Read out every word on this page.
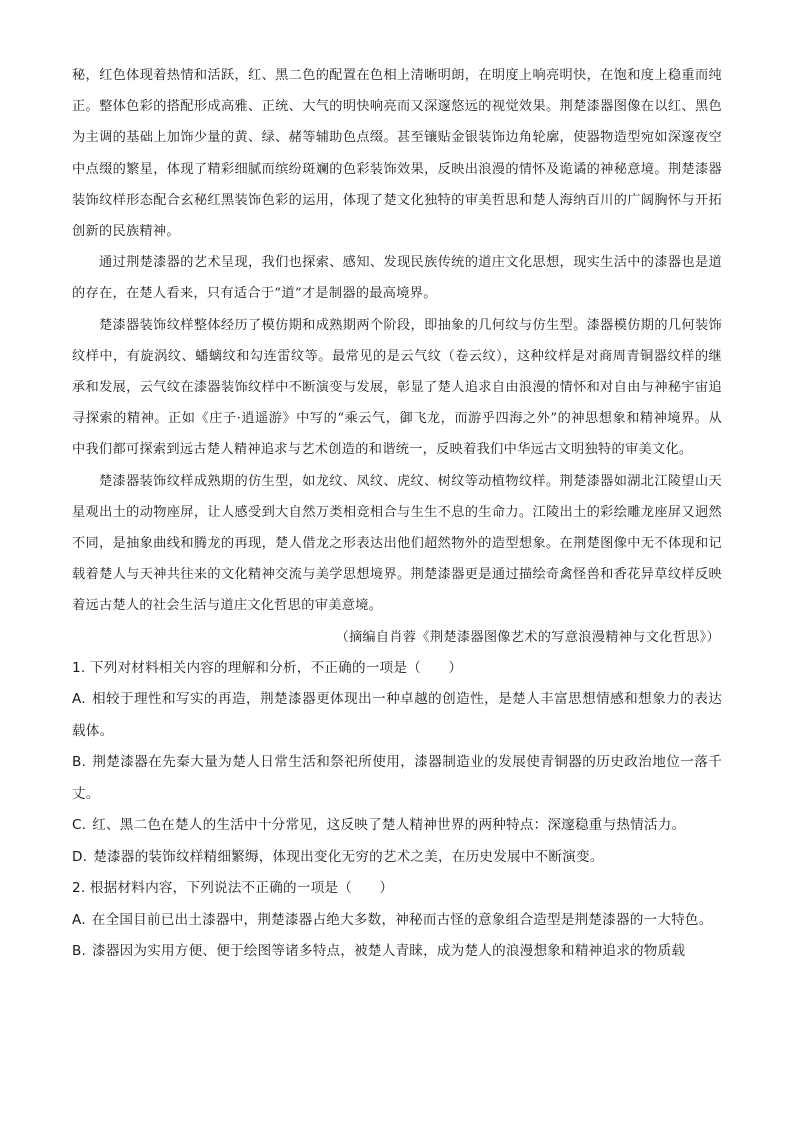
秘，红色体现着热情和活跃，红、黑二色的配置在色相上清晰明朗，在明度上响亮明快，在饱和度上稳重而纯正。整体色彩的搭配形成高雅、正统、大气的明快响亮而又深邃悠远的视觉效果。荆楚漆器图像在以红、黑色为主调的基础上加饰少量的黄、绿、赭等辅助色点缀。甚至镶贴金银装饰边角轮廓，使器物造型宛如深邃夜空中点缀的繁星，体现了精彩细腻而缤纷斑斓的色彩装饰效果，反映出浪漫的情怀及诡谲的神秘意境。荆楚漆器装饰纹样形态配合玄秘红黑装饰色彩的运用，体现了楚文化独特的审美哲思和楚人海纳百川的广阔胸怀与开拓创新的民族精神。

通过荆楚漆器的艺术呈现，我们也探索、感知、发现民族传统的道庄文化思想，现实生活中的漆器也是道的存在，在楚人看来，只有适合于“道”才是制器的最高境界。

楚漆器装饰纹样整体经历了模仿期和成熟期两个阶段，即抽象的几何纹与仿生型。漆器模仿期的几何装饰纹样中，有旋涡纹、蟠螭纹和勾连雷纹等。最常见的是云气纹（卷云纹），这种纹样是对商周青铜器纹样的继承和发展，云气纹在漆器装饰纹样中不断演变与发展，彰显了楚人追求自由浪漫的情怀和对自由与神秘宇宙追寻探索的精神。正如《庄子·逍遥游》中写的“乘云气，御飞龙，而游乎四海之外”的神思想象和精神境界。从中我们都可探索到远古楚人精神追求与艺术创造的和谐统一，反映着我们中华远古文明独特的审美文化。

楚漆器装饰纹样成熟期的仿生型，如龙纹、凤纹、虎纹、树纹等动植物纹样。荆楚漆器如湖北江陵望山天星观出土的动物座屏，让人感受到大自然万类相竞相合与生生不息的生命力。江陵出土的彩绘雕龙座屏又迥然不同，是抽象曲线和腾龙的再现，楚人借龙之形表达出他们超然物外的造型想象。在荆楚图像中无不体现和记载着楚人与天神共往来的文化精神交流与美学思想境界。荆楚漆器更是通过描绘奇禽怪兽和香花异草纹样反映着远古楚人的社会生活与道庄文化哲思的审美意境。

（摘编自肖蓉《荆楚漆器图像艺术的写意浪漫精神与文化哲思》）

1. 下列对材料相关内容的理解和分析，不正确的一项是（　　）

A. 相较于理性和写实的再造，荆楚漆器更体现出一种卓越的创造性，是楚人丰富思想情感和想象力的表达载体。

B. 荆楚漆器在先秦大量为楚人日常生活和祭祀所使用，漆器制造业的发展使青铜器的历史政治地位一落千丈。

C. 红、黑二色在楚人的生活中十分常见，这反映了楚人精神世界的两种特点：深邃稳重与热情活力。

D. 楚漆器的装饰纹样精细繁缛，体现出变化无穷的艺术之美，在历史发展中不断演变。

2. 根据材料内容，下列说法不正确的一项是（　　）

A. 在全国目前已出土漆器中，荆楚漆器占绝大多数，神秘而古怪的意象组合造型是荆楚漆器的一大特色。

B. 漆器因为实用方便、便于绘图等诸多特点，被楚人青睐，成为楚人的浪漫想象和精神追求的物质载
